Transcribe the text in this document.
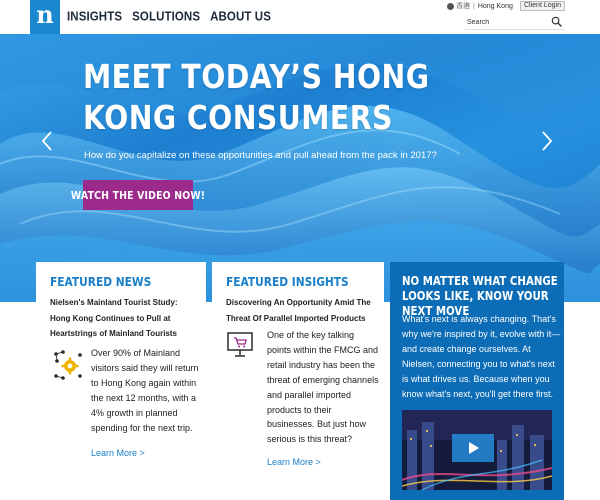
n INSIGHTS SOLUTIONS ABOUT US
香港 | Hong Kong	Client Login
Search
MEET TODAY’S HONG KONG CONSUMERS
How do you capitalize on these opportunities and pull ahead from the pack in 2017?
WATCH THE VIDEO NOW!
FEATURED NEWS
Nielsen's Mainland Tourist Study: Hong Kong Continues to Pull at Heartstrings of Mainland Tourists
Over 90% of Mainland visitors said they will return to Hong Kong again within the next 12 months, with a 4% growth in planned spending for the next trip.
Learn More >
FEATURED INSIGHTS
Discovering An Opportunity Amid The Threat Of Parallel Imported Products
One of the key talking points within the FMCG and retail industry has been the threat of emerging channels and parallel imported products to their businesses. But just how serious is this threat?
Learn More >
NO MATTER WHAT CHANGE LOOKS LIKE, KNOW YOUR NEXT MOVE
What's next is always changing. That's why we're inspired by it, evolve with it—and create change ourselves. At Nielsen, connecting you to what's next is what drives us. Because when you know what's next, you'll get there first.
